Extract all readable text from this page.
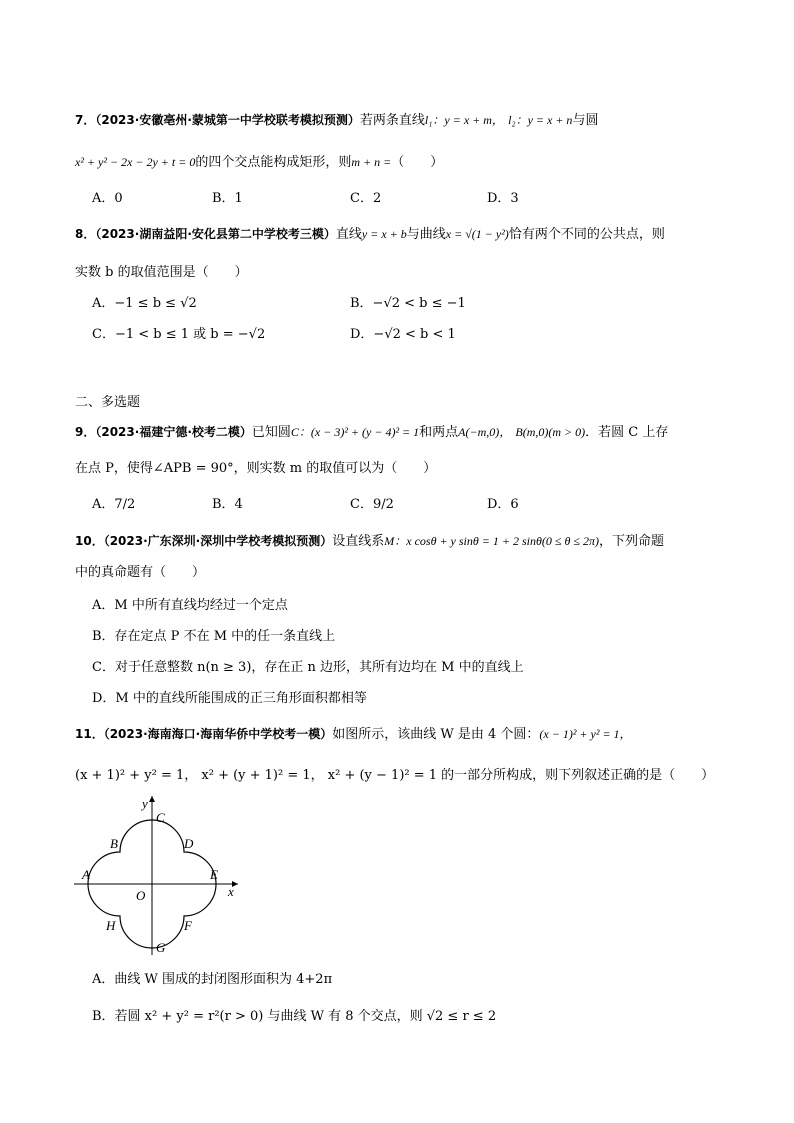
7．（2023·安徽亳州·蒙城第一中学校联考模拟预测）若两条直线l₁：y = x + m， l₂：y = x + n与圆
x² + y² − 2x − 2y + t = 0的四个交点能构成矩形，则m + n =（　　）
A．0	B．1	C．2	D．3
8．（2023·湖南益阳·安化县第二中学校考三模）直线y = x + b与曲线x = √(1 − y²)恰有两个不同的公共点，则
实数 b 的取值范围是（　　）
A．−1 ≤ b ≤ √2	B．−√2 < b ≤ −1
C．−1 < b ≤ 1 或 b = −√2	D．−√2 < b < 1
二、多选题
9．（2023·福建宁德·校考二模）已知圆C：(x − 3)² + (y − 4)² = 1和两点A(−m,0)， B(m,0)(m > 0)．若圆 C 上存
在点 P，使得∠APB = 90°，则实数 m 的取值可以为（　　）
A．7/2	B．4	C．9/2	D．6
10．（2023·广东深圳·深圳中学校考模拟预测）设直线系M：x cosθ + y sinθ = 1 + 2 sinθ(0 ≤ θ ≤ 2π)，下列命题
中的真命题有（　　）
A．M 中所有直线均经过一个定点
B．存在定点 P 不在 M 中的任一条直线上
C．对于任意整数 n(n ≥ 3)，存在正 n 边形，其所有边均在 M 中的直线上
D．M 中的直线所能围成的正三角形面积都相等
11．（2023·海南海口·海南华侨中学校考一模）如图所示，该曲线 W 是由 4 个圆：(x − 1)² + y² = 1，
(x + 1)² + y² = 1， x² + (y + 1)² = 1， x² + (y − 1)² = 1 的一部分所构成，则下列叙述正确的是（　　）
y
C
B	D
A
O
E
x
H	F
G
A．曲线 W 围成的封闭图形面积为 4+2π
B．若圆 x² + y² = r²(r > 0) 与曲线 W 有 8 个交点，则 √2 ≤ r ≤ 2
